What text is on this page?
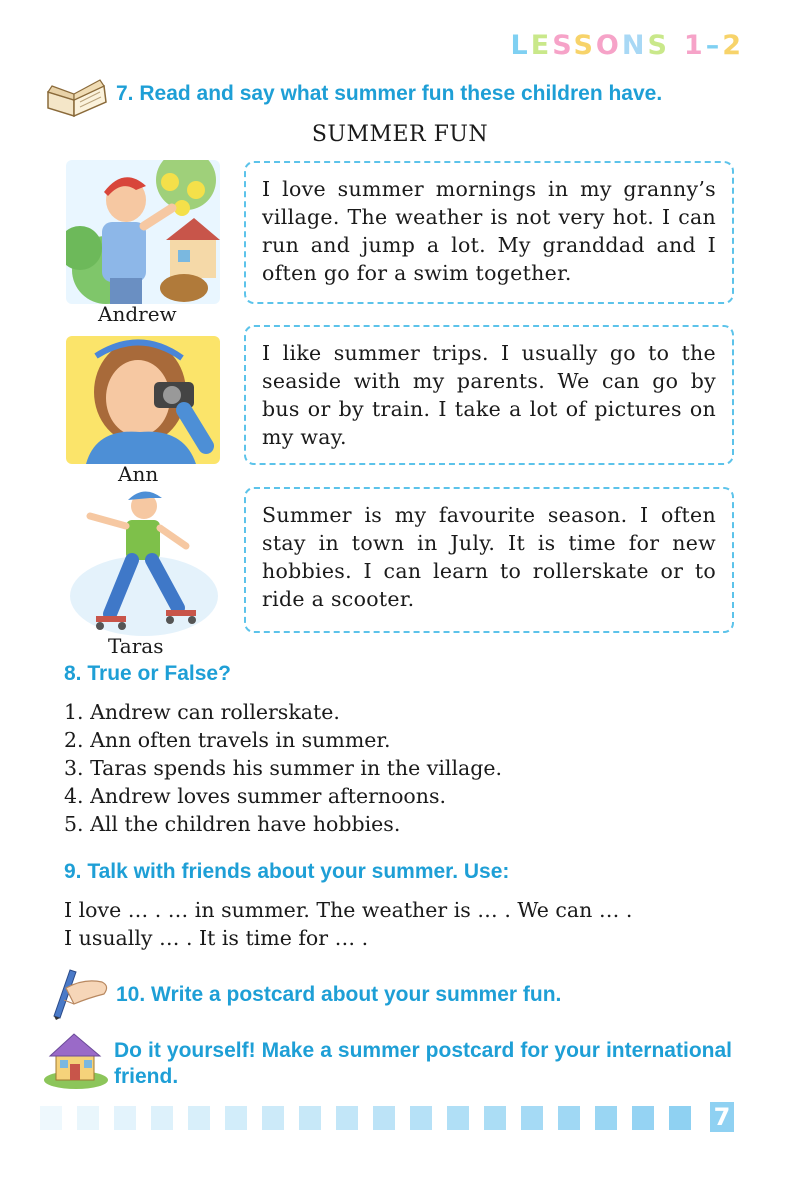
LESSONS 1–2
7. Read and say what summer fun these children have.
SUMMER FUN
Andrew
I love summer mornings in my granny’s village. The weather is not very hot. I can run and jump a lot. My granddad and I often go for a swim together.
Ann
I like summer trips. I usually go to the seaside with my parents. We can go by bus or by train. I take a lot of pictures on my way.
Taras
Summer is my favourite season. I often stay in town in July. It is time for new hobbies. I can learn to rollerskate or to ride a scooter.
8. True or False?
1. Andrew can rollerskate.
2. Ann often travels in summer.
3. Taras spends his summer in the village.
4. Andrew loves summer afternoons.
5. All the children have hobbies.
9. Talk with friends about your summer. Use:
I love … . … in summer. The weather is … . We can … .
I usually … . It is time for … .
10. Write a postcard about your summer fun.
Do it yourself! Make a summer postcard for your international friend.
7
